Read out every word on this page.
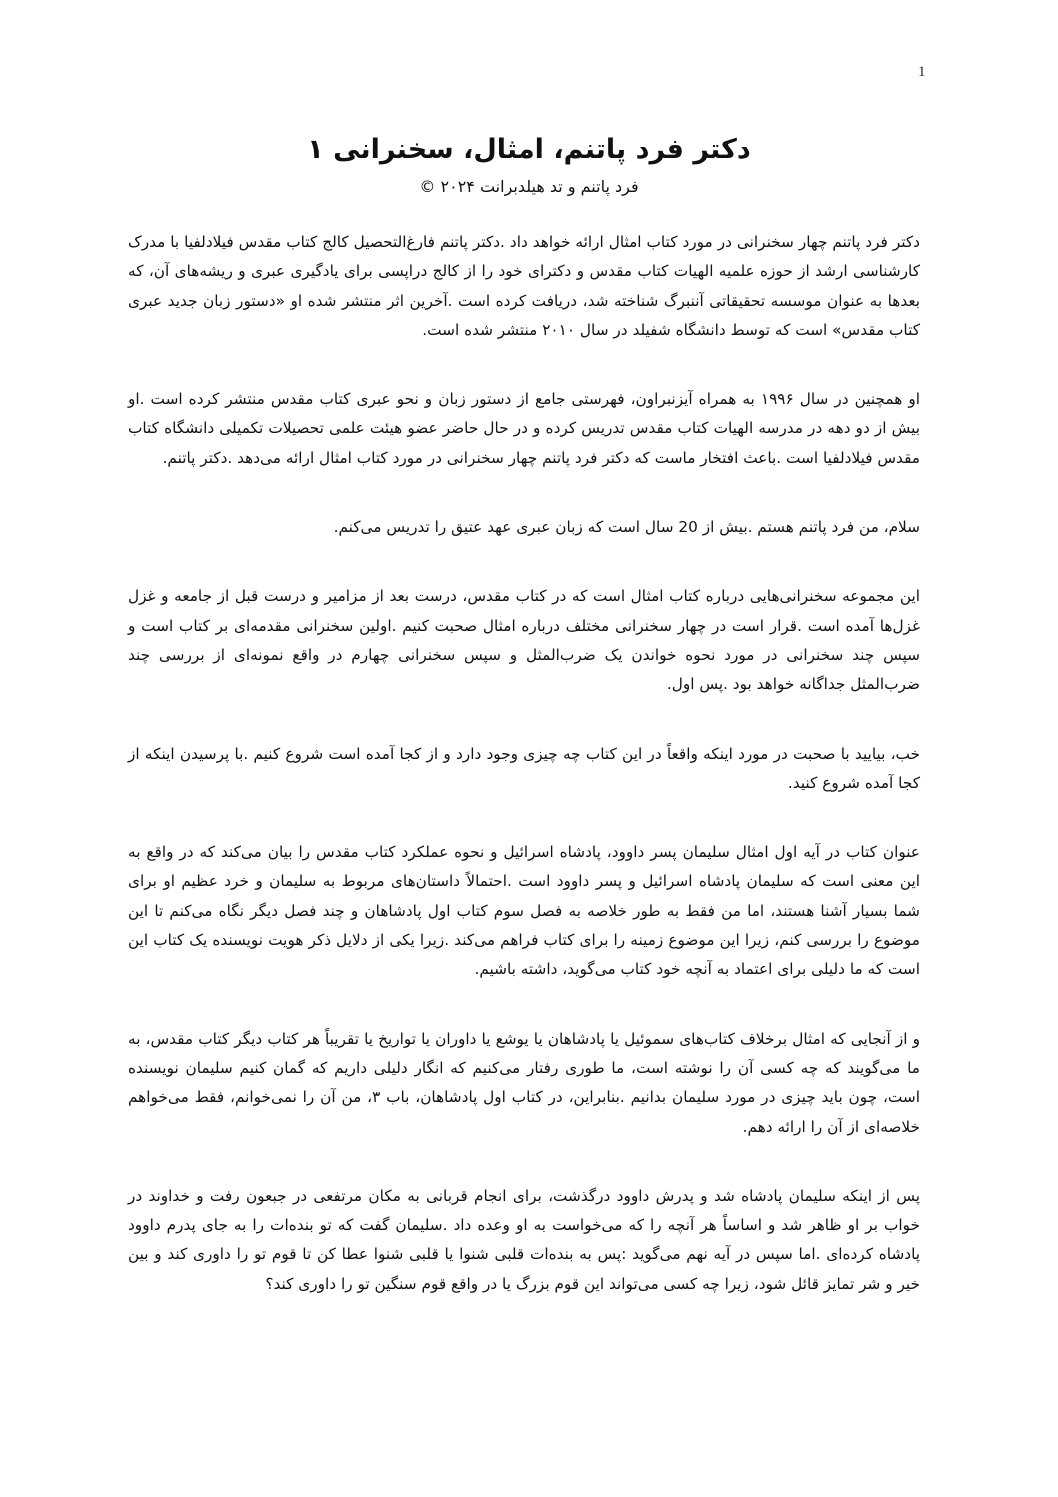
1
دکتر فرد پاتنم، امثال، سخنرانی ۱

فرد پاتنم و تد هیلدبرانت ۲۰۲۴ ©

دکتر فرد پاتنم چهار سخنرانی در مورد کتاب امثال ارائه خواهد داد .دکتر پاتنم فارغ‌التحصیل کالج کتاب مقدس فیلادلفیا با مدرک کارشناسی ارشد از حوزه علمیه الهیات کتاب مقدس و دکترای خود را از کالج دراپسی برای یادگیری عبری و ریشه‌های آن، که بعدها به عنوان موسسه تحقیقاتی آننبرگ شناخته شد، دریافت کرده است .آخرین اثر منتشر شده او «دستور زبان جدید عبری کتاب مقدس» است که توسط دانشگاه شفیلد در سال ۲۰۱۰ منتشر شده است.

او همچنین در سال ۱۹۹۶ به همراه آیزنبراون، فهرستی جامع از دستور زبان و نحو عبری کتاب مقدس منتشر کرده است .او بیش از دو دهه در مدرسه الهیات کتاب مقدس تدریس کرده و در حال حاضر عضو هیئت علمی تحصیلات تکمیلی دانشگاه کتاب مقدس فیلادلفیا است .باعث افتخار ماست که دکتر فرد پاتنم چهار سخنرانی در مورد کتاب امثال ارائه می‌دهد .دکتر پاتنم.

سلام، من فرد پاتنم هستم .بیش از 20 سال است که زبان عبری عهد عتیق را تدریس می‌کنم.

این مجموعه سخنرانی‌هایی درباره کتاب امثال است که در کتاب مقدس، درست بعد از مزامیر و درست قبل از جامعه و غزل غزل‌ها آمده است .قرار است در چهار سخنرانی مختلف درباره امثال صحبت کنیم .اولین سخنرانی مقدمه‌ای بر کتاب است و سپس چند سخنرانی در مورد نحوه خواندن یک ضرب‌المثل و سپس سخنرانی چهارم در واقع نمونه‌ای از بررسی چند ضرب‌المثل جداگانه خواهد بود .پس اول.

خب، بیایید با صحبت در مورد اینکه واقعاً در این کتاب چه چیزی وجود دارد و از کجا آمده است شروع کنیم .با پرسیدن اینکه از کجا آمده شروع کنید.

عنوان کتاب در آیه اول امثال سلیمان پسر داوود، پادشاه اسرائیل و نحوه عملکرد کتاب مقدس را بیان می‌کند که در واقع به این معنی است که سلیمان پادشاه اسرائیل و پسر داوود است .احتمالاً داستان‌های مربوط به سلیمان و خرد عظیم او برای شما بسیار آشنا هستند، اما من فقط به طور خلاصه به فصل سوم کتاب اول پادشاهان و چند فصل دیگر نگاه می‌کنم تا این موضوع را بررسی کنم، زیرا این موضوع زمینه را برای کتاب فراهم می‌کند .زیرا یکی از دلایل ذکر هویت نویسنده یک کتاب این است که ما دلیلی برای اعتماد به آنچه خود کتاب می‌گوید، داشته باشیم.

و از آنجایی که امثال برخلاف کتاب‌های سموئیل یا پادشاهان یا یوشع یا داوران یا تواریخ یا تقریباً هر کتاب دیگر کتاب مقدس، به ما می‌گویند که چه کسی آن را نوشته است، ما طوری رفتار می‌کنیم که انگار دلیلی داریم که گمان کنیم سلیمان نویسنده است، چون باید چیزی در مورد سلیمان بدانیم .بنابراین، در کتاب اول پادشاهان، باب ۳، من آن را نمی‌خوانم، فقط می‌خواهم خلاصه‌ای از آن را ارائه دهم.

پس از اینکه سلیمان پادشاه شد و پدرش داوود درگذشت، برای انجام قربانی به مکان مرتفعی در جبعون رفت و خداوند در خواب بر او ظاهر شد و اساساً هر آنچه را که می‌خواست به او وعده داد .سلیمان گفت که تو بنده‌ات را به جای پدرم داوود پادشاه کرده‌ای .اما سپس در آیه نهم می‌گوید :پس به بنده‌ات قلبی شنوا یا قلبی شنوا عطا کن تا قوم تو را داوری کند و بین خیر و شر تمایز قائل شود، زیرا چه کسی می‌تواند این قوم بزرگ یا در واقع قوم سنگین تو را داوری کند؟
